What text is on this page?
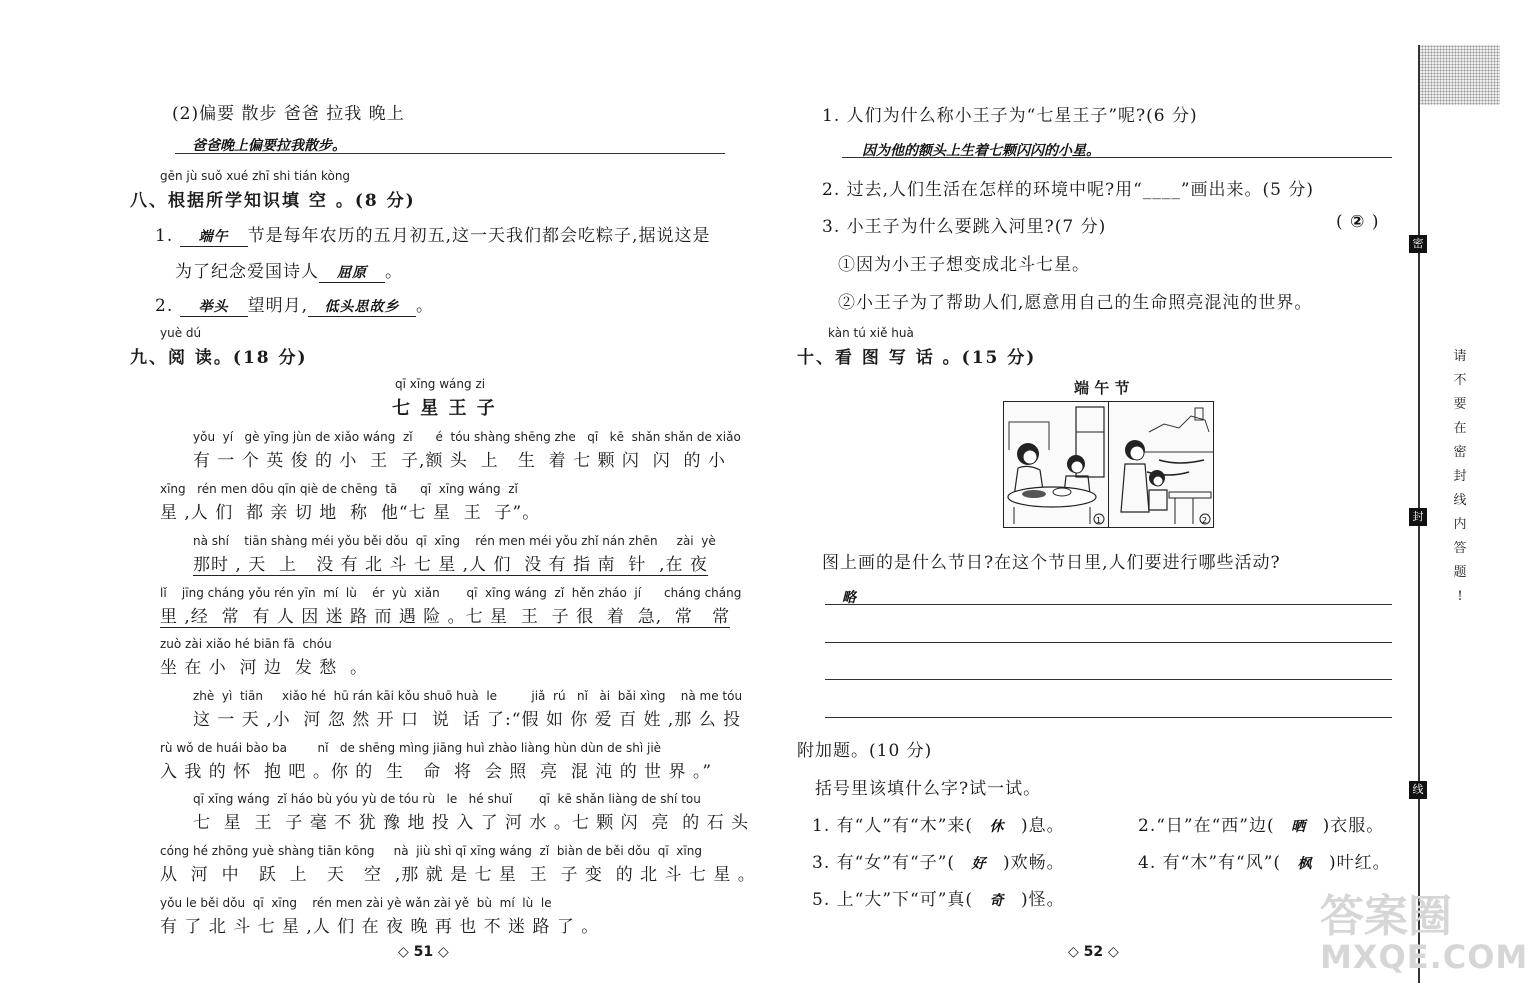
(2)偏要 散步 爸爸 拉我 晚上
爸爸晚上偏要拉我散步。
gēn jù suǒ xué zhī shi tián kòng
八、根据所学知识填 空 。(8 分)
1. 端午 节是每年农历的五月初五,这一天我们都会吃粽子,据说这是
为了纪念爱国诗人 屈原 。
2. 举头 望明月, 低头思故乡 。
yuè dú
九、阅 读。(18 分)
qī xīng wáng zi
七 星 王 子
yǒu  yí   gè yīng jùn de xiǎo wáng  zǐ      é  tóu shàng shēng zhe   qī   kē  shǎn shǎn de xiǎo
有 一 个 英 俊 的 小  王  子,额 头  上   生  着 七 颗 闪  闪  的 小
xīng   rén men dōu qīn qiè de chēng  tā      qī  xīng wáng  zǐ
星 ,人 们  都 亲 切 地  称  他“七 星  王  子”。
nà shí    tiān shàng méi yǒu běi dǒu  qī  xīng    rén men méi yǒu zhǐ nán zhēn     zài  yè
那时 , 天  上   没 有 北 斗 七 星 ,人 们  没 有 指 南  针  ,在 夜
lǐ    jīng cháng yǒu rén yīn  mí  lù    ér  yù  xiǎn       qī  xīng wáng  zǐ  hěn zháo  jí      cháng cháng
里 ,经  常  有 人 因 迷 路 而 遇 险 。七 星  王  子 很  着  急,  常   常
zuò zài xiǎo hé biān fā  chóu
坐 在 小  河 边  发 愁  。
zhè  yì  tiān     xiǎo hé  hū rán kāi kǒu shuō huà  le         jiǎ  rú   nǐ   ài  bǎi xìng    nà me tóu
这 一 天 ,小  河 忽 然 开 口  说  话 了:“假 如 你 爱 百 姓 ,那 么 投
rù wǒ de huái bào ba        nǐ   de shēng mìng jiāng huì zhào liàng hùn dùn de shì jiè
入 我 的 怀  抱 吧 。你 的  生   命  将  会 照  亮  混 沌 的 世 界 。”
qī xīng wáng  zǐ háo bù yóu yù de tóu rù   le   hé shuǐ       qī  kē shǎn liàng de shí tou
七  星  王  子 毫 不 犹 豫 地 投 入 了 河 水 。七 颗 闪  亮  的 石 头
cóng hé zhōng yuè shàng tiān kōng     nà  jiù shì qī xīng wáng  zǐ  biàn de běi dǒu  qī  xīng
从  河  中   跃  上   天   空  ,那 就 是 七 星  王  子 变  的 北 斗 七 星 。
yǒu le běi dǒu  qī  xīng    rén men zài yè wǎn zài yě  bù  mí  lù  le
有 了 北 斗 七 星 ,人 们 在 夜 晚 再 也 不 迷 路 了 。
◇ 51 ◇
1. 人们为什么称小王子为“七星王子”呢?(6 分)
因为他的额头上生着七颗闪闪的小星。
2. 过去,人们生活在怎样的环境中呢?用“____”画出来。(5 分)
3. 小王子为什么要跳入河里?(7 分)	( ② )
①因为小王子想变成北斗七星。
②小王子为了帮助人们,愿意用自己的生命照亮混沌的世界。
kàn tú xiě huà
十、看 图 写 话 。(15 分)
端 午 节
1	2
图上画的是什么节日?在这个节日里,人们要进行哪些活动?
略
附加题。(10 分)
括号里该填什么字?试一试。
1. 有“人”有“木”来( 休 )息。	2.“日”在“西”边( 晒 )衣服。
3. 有“女”有“子”( 好 )欢畅。	4. 有“木”有“风”( 枫 )叶红。
5. 上“大”下“可”真( 奇 )怪。
◇ 52 ◇
密
封
线
请
不
要
在
密
封
线
内
答
题
!
答案圈
MXQE.COM
